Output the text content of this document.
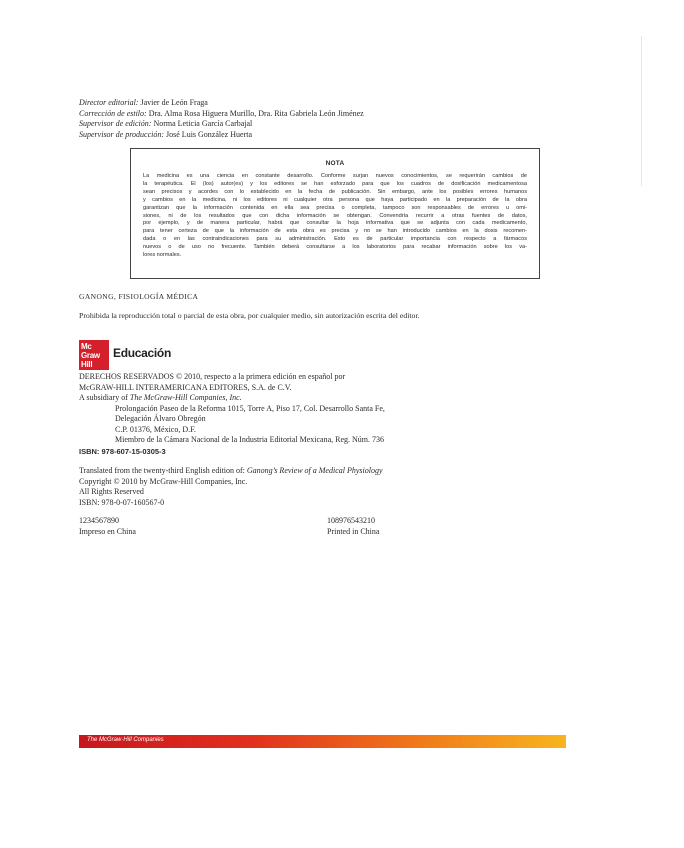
Director editorial: Javier de León Fraga
Corrección de estilo: Dra. Alma Rosa Higuera Murillo, Dra. Rita Gabriela León Jiménez
Supervisor de edición: Norma Leticia García Carbajal
Supervisor de producción: José Luis González Huerta
NOTA
La medicina es una ciencia en constante desarrollo. Conforme surjan nuevos conocimientos, se requerirán cambios de
la terapéutica. El (los) autor(es) y los editores se han esforzado para que los cuadros de dosificación medicamentosa
sean precisos y acordes con lo establecido en la fecha de publicación. Sin embargo, ante los posibles errores humanos
y cambios en la medicina, ni los editores ni cualquier otra persona que haya participado en la preparación de la obra
garantizan que la información contenida en ella sea precisa o completa, tampoco son responsables de errores u omi-
siones, ni de los resultados que con dicha información se obtengan. Convendría recurrir a otras fuentes de datos,
por ejemplo, y de manera particular, habrá que consultar la hoja informativa que se adjunta con cada medicamento,
para tener certeza de que la información de esta obra es precisa y no se han introducido cambios en la dosis recomen-
dada o en las contraindicaciones para su administración. Esto es de particular importancia con respecto a fármacos
nuevos o de uso no frecuente. También deberá consultarse a los laboratorios para recabar información sobre los va-
lores normales.
GANONG, FISIOLOGÍA MÉDICA
Prohibida la reproducción total o parcial de esta obra, por cualquier medio, sin autorización escrita del editor.
Mc
Graw
Hill
Educación
DERECHOS RESERVADOS © 2010, respecto a la primera edición en español por
McGRAW-HILL INTERAMERICANA EDITORES, S.A. de C.V.
A subsidiary of The McGraw-Hill Companies, Inc.
Prolongación Paseo de la Reforma 1015, Torre A, Piso 17, Col. Desarrollo Santa Fe,
Delegación Álvaro Obregón
C.P. 01376, México, D.F.
Miembro de la Cámara Nacional de la Industria Editorial Mexicana, Reg. Núm. 736
ISBN: 978-607-15-0305-3
Translated from the twenty-third English edition of: Ganong’s Review of a Medical Physiology
Copyright © 2010 by McGraw-Hill Companies, Inc.
All Rights Reserved
ISBN: 978-0-07-160567-0
1234567890
Impreso en China
108976543210
Printed in China
The McGraw·Hill Companies
